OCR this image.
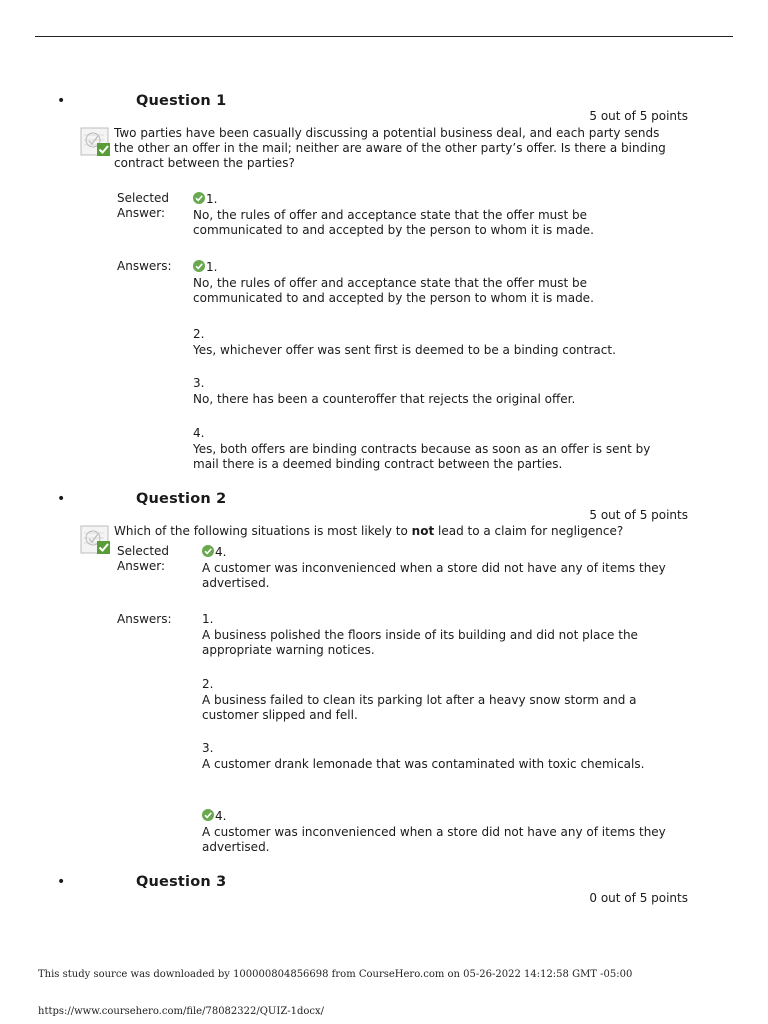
•	Question 1
5 out of 5 points
Two parties have been casually discussing a potential business deal, and each party sends the other an offer in the mail; neither are aware of the other party’s offer. Is there a binding contract between the parties?
Selected
Answer:
1.
No, the rules of offer and acceptance state that the offer must be communicated to and accepted by the person to whom it is made.
Answers:	1.
No, the rules of offer and acceptance state that the offer must be communicated to and accepted by the person to whom it is made.
2.
Yes, whichever offer was sent first is deemed to be a binding contract.
3.
No, there has been a counteroffer that rejects the original offer.
4.
Yes, both offers are binding contracts because as soon as an offer is sent by mail there is a deemed binding contract between the parties.
•	Question 2
5 out of 5 points
Which of the following situations is most likely to not lead to a claim for negligence?
Selected
Answer:
4.
A customer was inconvenienced when a store did not have any of items they advertised.
Answers:	1.
A business polished the floors inside of its building and did not place the appropriate warning notices.
2.
A business failed to clean its parking lot after a heavy snow storm and a customer slipped and fell.
3.
A customer drank lemonade that was contaminated with toxic chemicals.
4.
A customer was inconvenienced when a store did not have any of items they advertised.
•	Question 3
0 out of 5 points
This study source was downloaded by 100000804856698 from CourseHero.com on 05-26-2022 14:12:58 GMT -05:00
https://www.coursehero.com/file/78082322/QUIZ-1docx/
